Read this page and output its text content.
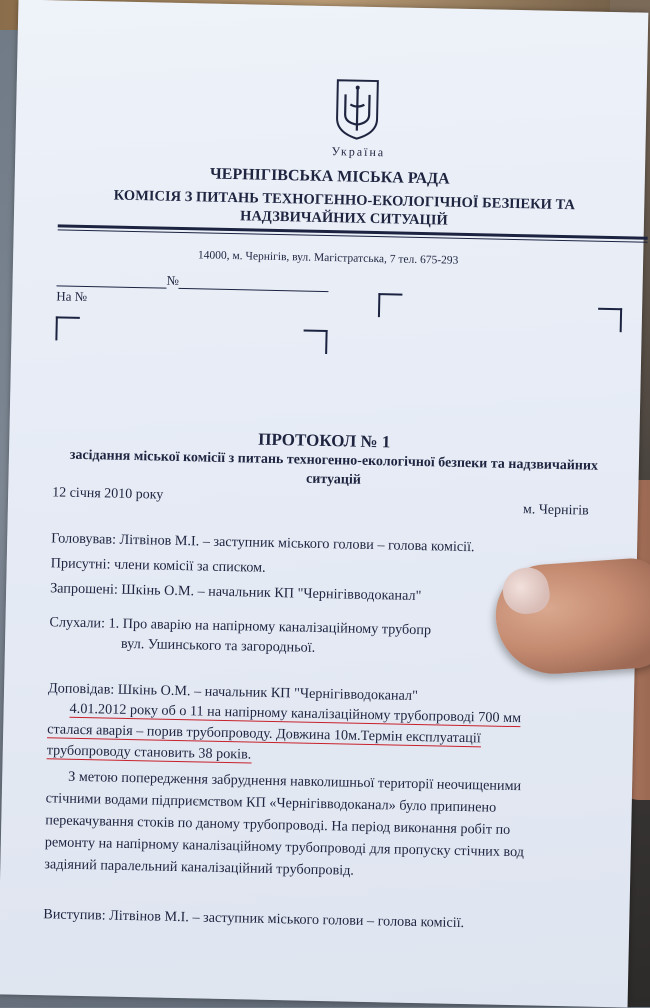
Україна
ЧЕРНІГІВСЬКА МІСЬКА РАДА
КОМІСІЯ З ПИТАНЬ ТЕХНОГЕННО-ЕКОЛОГІЧНОЇ БЕЗПЕКИ ТА НАДЗВИЧАЙНИХ СИТУАЦІЙ
14000, м. Чернігів, вул. Магістратська, 7 тел. 675-293
№
На №
ПРОТОКОЛ № 1
засідання міської комісії з питань техногенно-екологічної безпеки та надзвичайних ситуацій
12 січня 2010 року
м. Чернігів
Головував: Літвінов М.І. – заступник міського голови – голова комісії.
Присутні: члени комісії за списком.
Запрошені: Шкінь О.М. – начальник КП "Чернігівводоканал"
Слухали: 1. Про аварію на напірному каналізаційному трубопр
вул. Ушинського та загородньої.
Доповідав: Шкінь О.М. – начальник КП "Чернігівводоканал"
4.01.2012 року об о 11 на напірному каналізаційному трубопроводі 700 мм
сталася аварія – порив трубопроводу. Довжина 10м.Термін експлуатації
трубопроводу становить 38 років.
З метою попередження забруднення навколишньої території неочищеними
стічними водами підприємством КП «Чернігівводоканал» було припинено
перекачування стоків по даному трубопроводі. На період виконання робіт по
ремонту на напірному каналізаційному трубопроводі для пропуску стічних вод
задіяний паралельний каналізаційний трубопровід.
Виступив: Літвінов М.І. – заступник міського голови – голова комісії.
